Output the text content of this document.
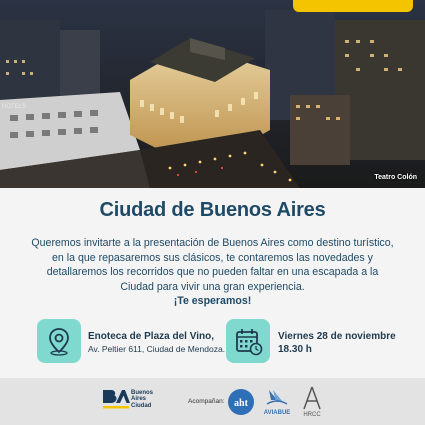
HOTELS
Teatro Colón
Ciudad de Buenos Aires
Queremos invitarte a la presentación de Buenos Aires como destino turístico, en la que repasaremos sus clásicos, te contaremos las novedades y detallaremos los recorridos que no pueden faltar en una escapada a la Ciudad para vivir una gran experiencia.
¡Te esperamos!
Enoteca de Plaza del Vino,
Av. Peltier 611, Ciudad de Mendoza.
Viernes 28 de noviembre
18.30 h
Buenos
Aires
Ciudad
Acompañan: aht
AVIABUE HRCC
